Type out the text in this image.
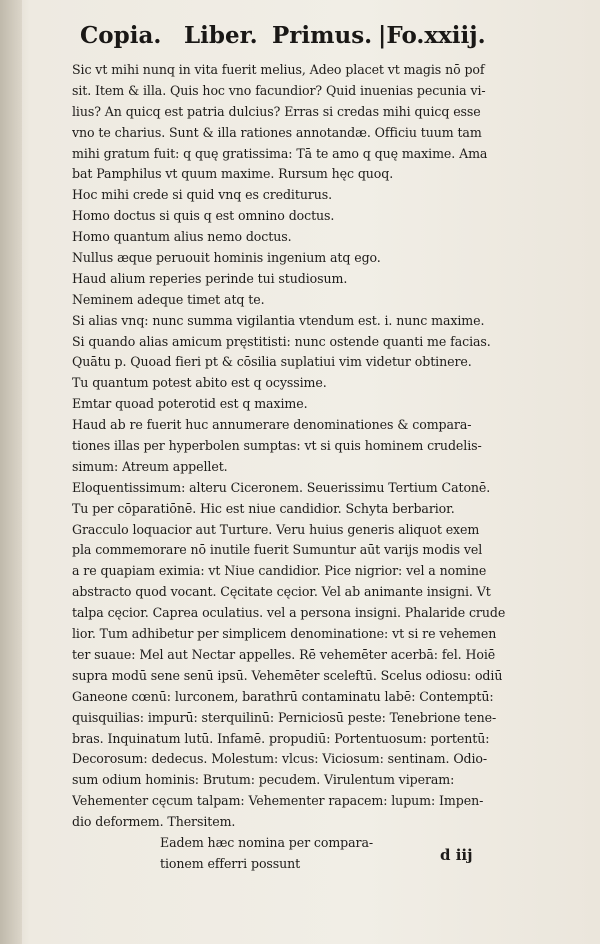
Copia. Liber. Primus. |Fo.xxiij.
Sic vt mihi nunq in vita fuerit melius, Adeo placet vt magis nō pof
sit. Item & illa. Quis hoc vno facundior? Quid inuenias pecunia vi-
lius? An quicq est patria dulcius? Erras si credas mihi quicq esse
vno te charius. Sunt & illa rationes annotandæ. Officiu tuum tam
mihi gratum fuit: q quę gratissima: Tā te amo q quę maxime. Ama
bat Pamphilus vt quum maxime. Rursum hęc quoq.
Hoc mihi crede si quid vnq es crediturus.
Homo doctus si quis q est omnino doctus.
Homo quantum alius nemo doctus.
Nullus æque peruouit hominis ingenium atq ego.
Haud alium reperies perinde tui studiosum.
Neminem adeque timet atq te.
Si alias vnq: nunc summa vigilantia vtendum est. i. nunc maxime.
Si quando alias amicum pręstitisti: nunc ostende quanti me facias.
Quātu p. Quoad fieri pt & cōsilia suplatiui vim videtur obtinere.
Tu quantum potest abito est q ocyssime.
Emtar quoad poterotid est q maxime.
Haud ab re fuerit huc annumerare denominationes & compara-
tiones illas per hyperbolen sumptas: vt si quis hominem crudelis-
simum: Atreum appellet.
Eloquentissimum: alteru Ciceronem. Seuerissimu Tertium Catonē.
Tu per cōparatiōnē. Hic est niue candidior. Schyta berbarior.
Gracculo loquacior aut Turture. Veru huius generis aliquot exem
pla commemorare nō inutile fuerit Sumuntur aūt varijs modis vel
a re quapiam eximia: vt Niue candidior. Pice nigrior: vel a nomine
abstracto quod vocant. Cęcitate cęcior. Vel ab animante insigni. Vt
talpa cęcior. Caprea oculatius. vel a persona insigni. Phalaride crude
lior. Tum adhibetur per simplicem denominatione: vt si re vehemen
ter suaue: Mel aut Nectar appelles. Rē vehemēter acerbā: fel. Hoiē
supra modū sene senū ipsū. Vehemēter sceleftū. Scelus odiosu: odiū
Ganeone cœnū: lurconem, barathrū contaminatu labē: Contemptū:
quisquilias: impurū: sterquilinū: Perniciosū peste: Tenebrione tene-
bras. Inquinatum lutū. Infamē. propudiū: Portentuosum: portentū:
Decorosum: dedecus. Molestum: vlcus: Viciosum: sentinam. Odio-
sum odium hominis: Brutum: pecudem. Virulentum viperam:
Vehementer cęcum talpam: Vehementer rapacem: lupum: Impen-
dio deformem. Thersitem.
Eadem hæc nomina per compara-
tionem efferri possunt	d iij
